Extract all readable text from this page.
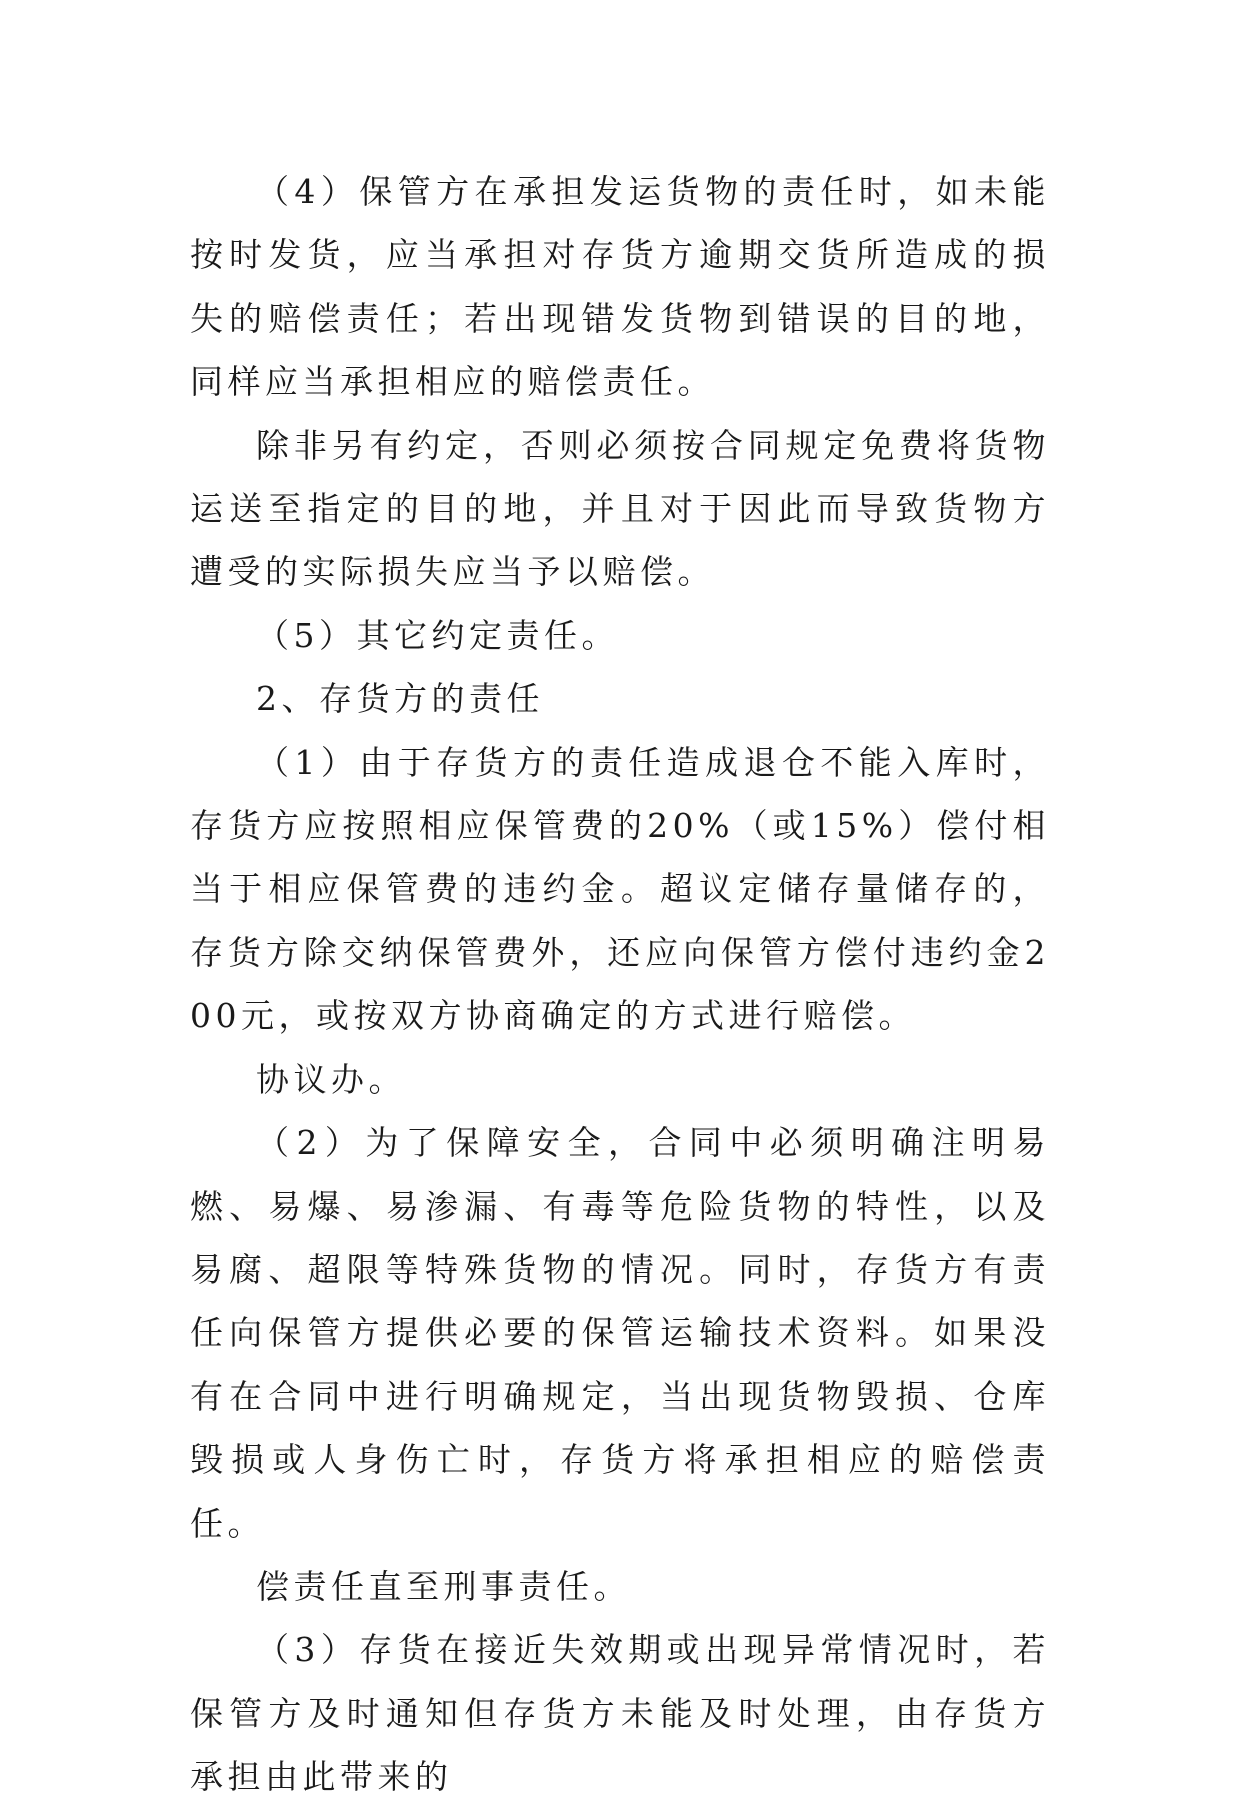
（4）保管方在承担发运货物的责任时，如未能按时发货，应当承担对存货方逾期交货所造成的损失的赔偿责任；若出现错发货物到错误的目的地，同样应当承担相应的赔偿责任。

除非另有约定，否则必须按合同规定免费将货物运送至指定的目的地，并且对于因此而导致货物方遭受的实际损失应当予以赔偿。

（5）其它约定责任。

2、存货方的责任

（1）由于存货方的责任造成退仓不能入库时，存货方应按照相应保管费的20%（或15%）偿付相当于相应保管费的违约金。超议定储存量储存的，存货方除交纳保管费外，还应向保管方偿付违约金200元，或按双方协商确定的方式进行赔偿。

协议办。

（2）为了保障安全，合同中必须明确注明易燃、易爆、易渗漏、有毒等危险货物的特性，以及易腐、超限等特殊货物的情况。同时，存货方有责任向保管方提供必要的保管运输技术资料。如果没有在合同中进行明确规定，当出现货物毁损、仓库毁损或人身伤亡时，存货方将承担相应的赔偿责任。

偿责任直至刑事责任。

（3）存货在接近失效期或出现异常情况时，若保管方及时通知但存货方未能及时处理，由存货方承担由此带来的
